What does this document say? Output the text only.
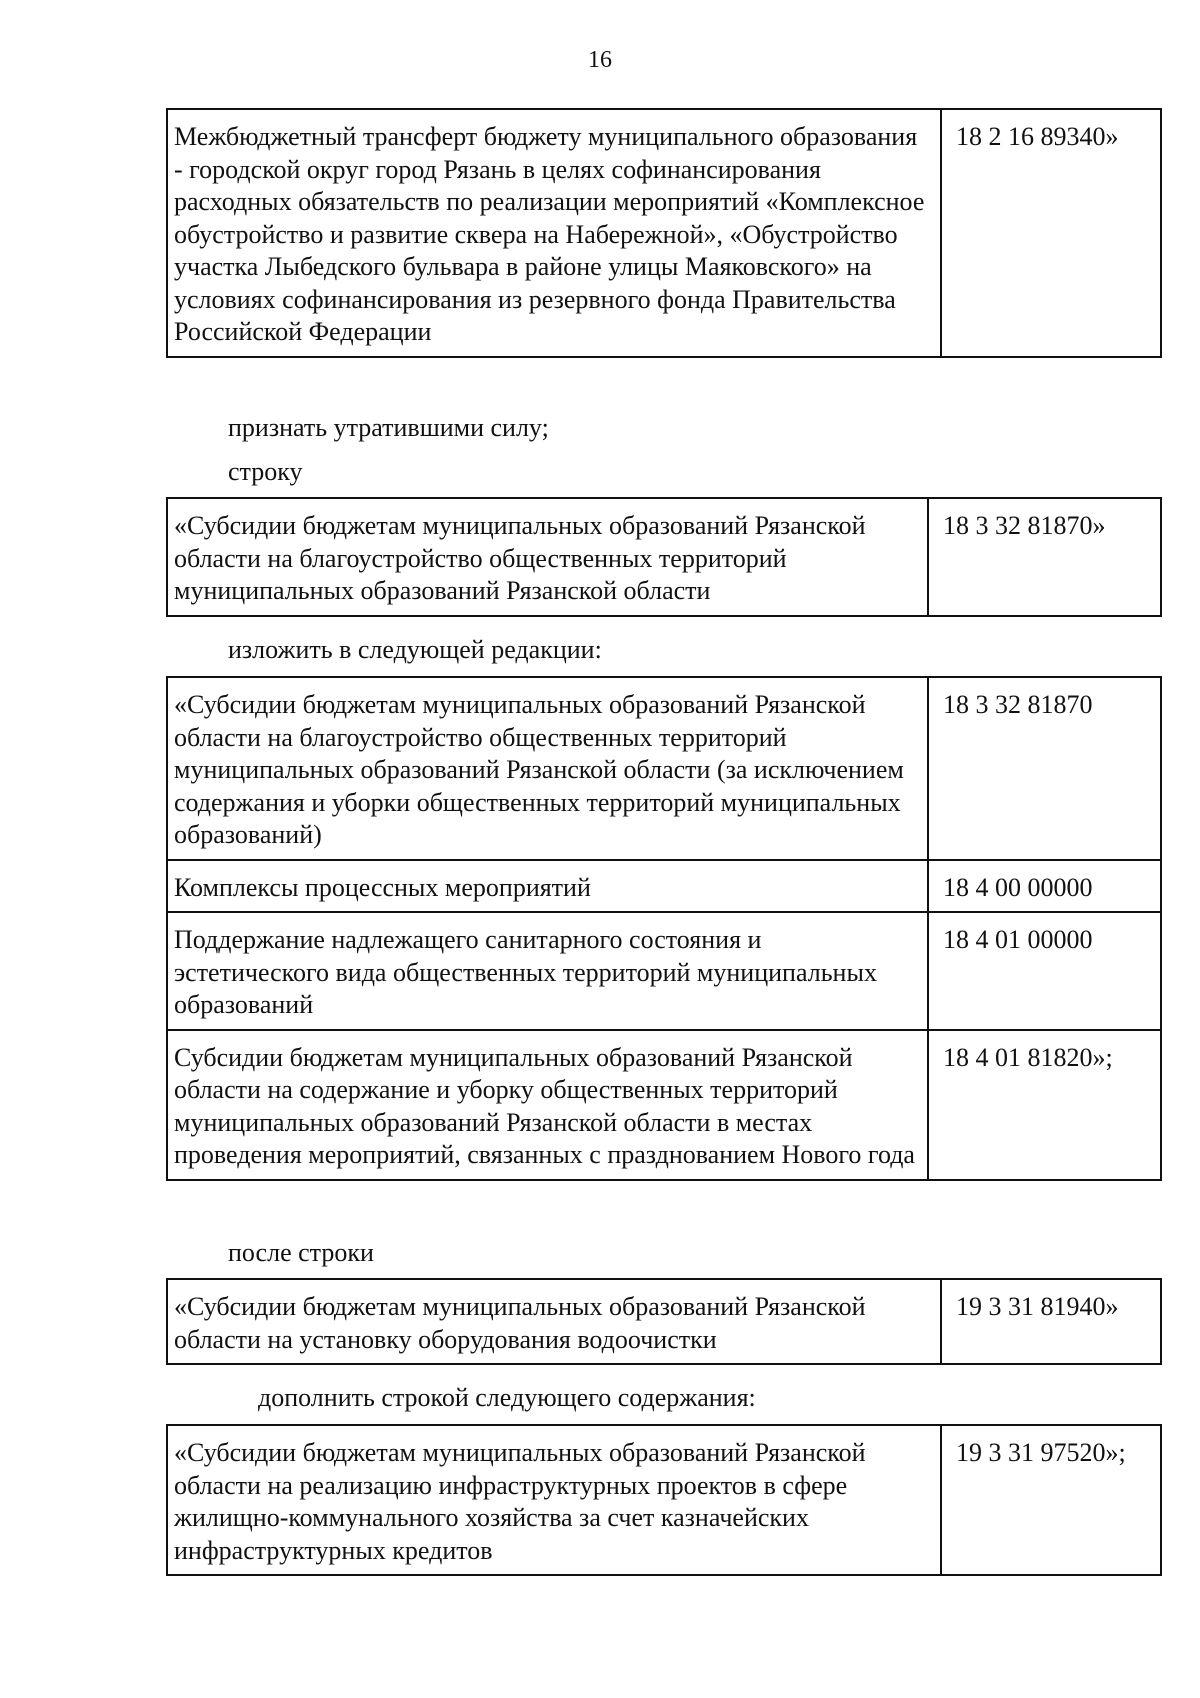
16
Межбюджетный трансферт бюджету муниципального образования - городской округ город Рязань в целях софинансирования расходных обязательств по реализации мероприятий «Комплексное обустройство и развитие сквера на Набережной», «Обустройство участка Лыбедского бульвара в районе улицы Маяковского» на условиях софинансирования из резервного фонда Правительства Российской Федерации	18 2 16 89340»
признать утратившими силу;
строку
«Субсидии бюджетам муниципальных образований Рязанской области на благоустройство общественных территорий муниципальных образований Рязанской области	18 3 32 81870»
изложить в следующей редакции:
«Субсидии бюджетам муниципальных образований Рязанской области на благоустройство общественных территорий муниципальных образований Рязанской области (за исключением содержания и уборки общественных территорий муниципальных образований)	18 3 32 81870
Комплексы процессных мероприятий	18 4 00 00000
Поддержание надлежащего санитарного состояния и эстетического вида общественных территорий муниципальных образований	18 4 01 00000
Субсидии бюджетам муниципальных образований Рязанской области на содержание и уборку общественных территорий муниципальных образований Рязанской области в местах проведения мероприятий, связанных с празднованием Нового года	18 4 01 81820»;
после строки
«Субсидии бюджетам муниципальных образований Рязанской области на установку оборудования водоочистки	19 3 31 81940»
дополнить строкой следующего содержания:
«Субсидии бюджетам муниципальных образований Рязанской области на реализацию инфраструктурных проектов в сфере жилищно-коммунального хозяйства за счет казначейских инфраструктурных кредитов	19 3 31 97520»;
